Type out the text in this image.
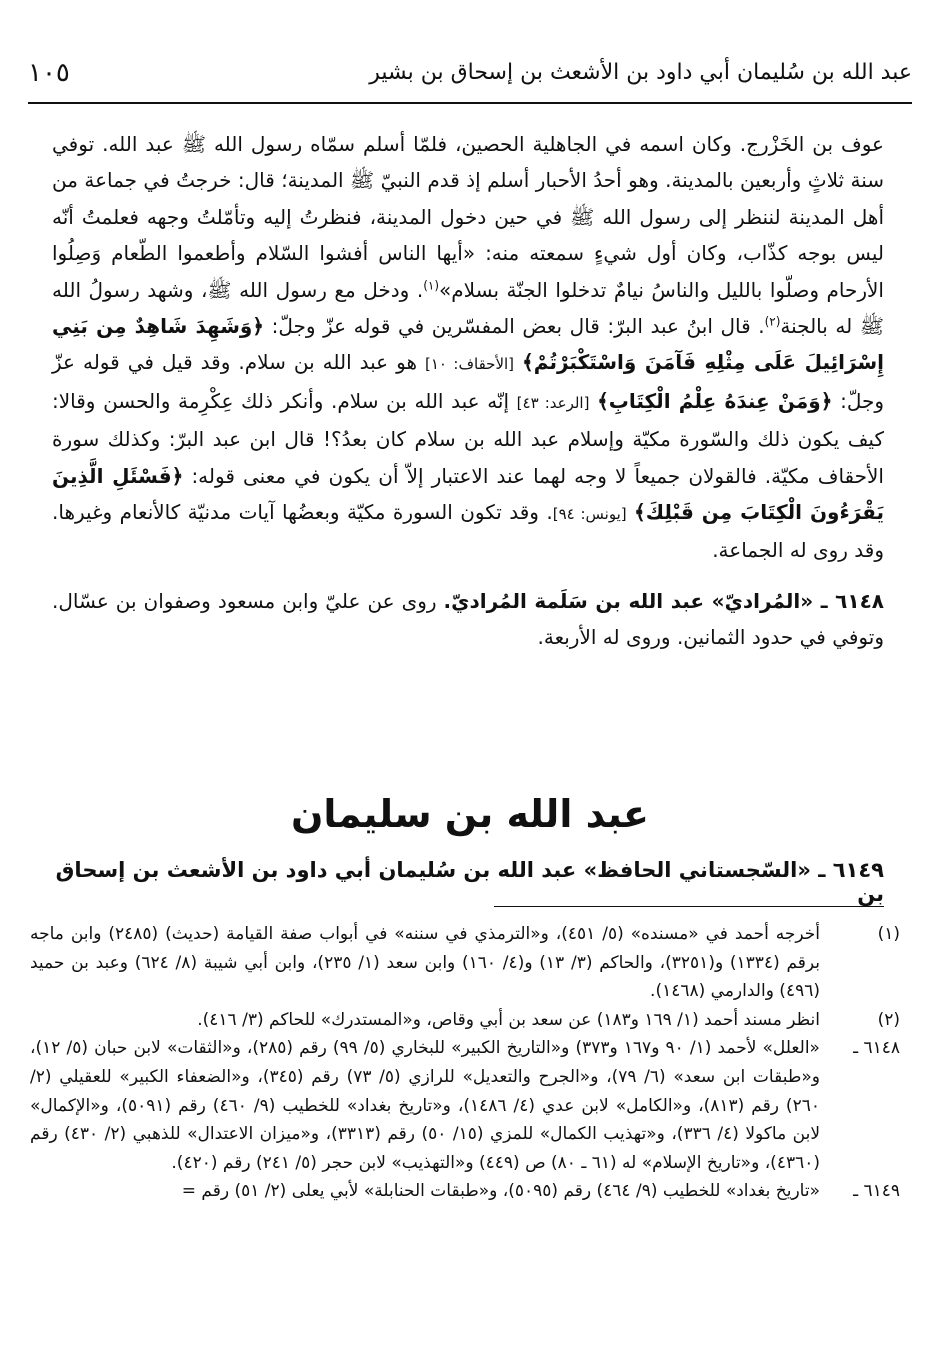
١٠٥	عبد الله بن سُليمان أبي داود بن الأشعث بن إسحاق بن بشير

عوف بن الخَزْرج. وكان اسمه في الجاهلية الحصين، فلمّا أسلم سمّاه رسول الله ﷺ عبد الله. توفي سنة ثلاثٍ وأربعين بالمدينة. وهو أحدُ الأحبار أسلم إذ قدم النبيّ ﷺ المدينة؛ قال: خرجتُ في جماعة من أهل المدينة لننظر إلى رسول الله ﷺ في حين دخول المدينة، فنظرتُ إليه وتأمّلتُ وجهه فعلمتُ أنّه ليس بوجه كذّاب، وكان أول شيءٍ سمعته منه: «أيها الناس أفشوا السّلام وأطعموا الطّعام وَصِلُوا الأرحام وصلّوا بالليل والناسُ نيامٌ تدخلوا الجنّة بسلام»$^{(١)}$. ودخل مع رسول الله ﷺ، وشهد رسولُ الله ﷺ له بالجنة$^{(٢)}$. قال ابنُ عبد البرّ: قال بعض المفسّرين في قوله عزّ وجلّ: ﴿وَشَهِدَ شَاهِدٌ مِن بَنِي إِسْرَائِيلَ عَلَى مِثْلِهِ فَآمَنَ وَاسْتَكْبَرْتُمْ﴾ [الأحقاف: ١٠] هو عبد الله بن سلام. وقد قيل في قوله عزّ وجلّ: ﴿وَمَنْ عِندَهُ عِلْمُ الْكِتَابِ﴾ [الرعد: ٤٣] إنّه عبد الله بن سلام. وأنكر ذلك عِكْرِمة والحسن وقالا: كيف يكون ذلك والسّورة مكيّة وإسلام عبد الله بن سلام كان بعدُ؟! قال ابن عبد البرّ: وكذلك سورة الأحقاف مكيّة. فالقولان جميعاً لا وجه لهما عند الاعتبار إلاّ أن يكون في معنى قوله: ﴿فَسْئَلِ الَّذِينَ يَقْرَءُونَ الْكِتَابَ مِن قَبْلِكَ﴾ [يونس: ٩٤]. وقد تكون السورة مكيّة وبعضُها آيات مدنيّة كالأنعام وغيرها. وقد روى له الجماعة.

٦١٤٨ ـ «المُراديّ» عبد الله بن سَلَمة المُراديّ. روى عن عليّ وابن مسعود وصفوان بن عسّال. وتوفي في حدود الثمانين. وروى له الأربعة.

عبد الله بن سليمان
٦١٤٩ ـ «السّجستاني الحافظ» عبد الله بن سُليمان أبي داود بن الأشعث بن إسحاق بن
(١)
أخرجه أحمد في «مسنده» (٥/ ٤٥١)، و«الترمذي في سننه» في أبواب صفة القيامة (حديث) (٢٤٨٥) وابن ماجه برقم (١٣٣٤) و(٣٢٥١)، والحاكم (٣/ ١٣) و(٤/ ١٦٠) وابن سعد (١/ ٢٣٥)، وابن أبي شيبة (٨/ ٦٢٤) وعبد بن حميد (٤٩٦) والدارمي (١٤٦٨).
(٢)
انظر مسند أحمد (١/ ١٦٩ و١٨٣) عن سعد بن أبي وقاص، و«المستدرك» للحاكم (٣/ ٤١٦).
٦١٤٨ ـ
«العلل» لأحمد (١/ ٩٠ و١٦٧ و٣٧٣) و«التاريخ الكبير» للبخاري (٥/ ٩٩) رقم (٢٨٥)، و«الثقات» لابن حبان (٥/ ١٢)، و«طبقات ابن سعد» (٦/ ٧٩)، و«الجرح والتعديل» للرازي (٥/ ٧٣) رقم (٣٤٥)، و«الضعفاء الكبير» للعقيلي (٢/ ٢٦٠) رقم (٨١٣)، و«الكامل» لابن عدي (٤/ ١٤٨٦)، و«تاريخ بغداد» للخطيب (٩/ ٤٦٠) رقم (٥٠٩١)، و«الإكمال» لابن ماكولا (٤/ ٣٣٦)، و«تهذيب الكمال» للمزي (١٥/ ٥٠) رقم (٣٣١٣)، و«ميزان الاعتدال» للذهبي (٢/ ٤٣٠) رقم (٤٣٦٠)، و«تاريخ الإسلام» له (٦١ ـ ٨٠) ص (٤٤٩) و«التهذيب» لابن حجر (٥/ ٢٤١) رقم (٤٢٠).
٦١٤٩ ـ
«تاريخ بغداد» للخطيب (٩/ ٤٦٤) رقم (٥٠٩٥)، و«طبقات الحنابلة» لأبي يعلى (٢/ ٥١) رقم =
